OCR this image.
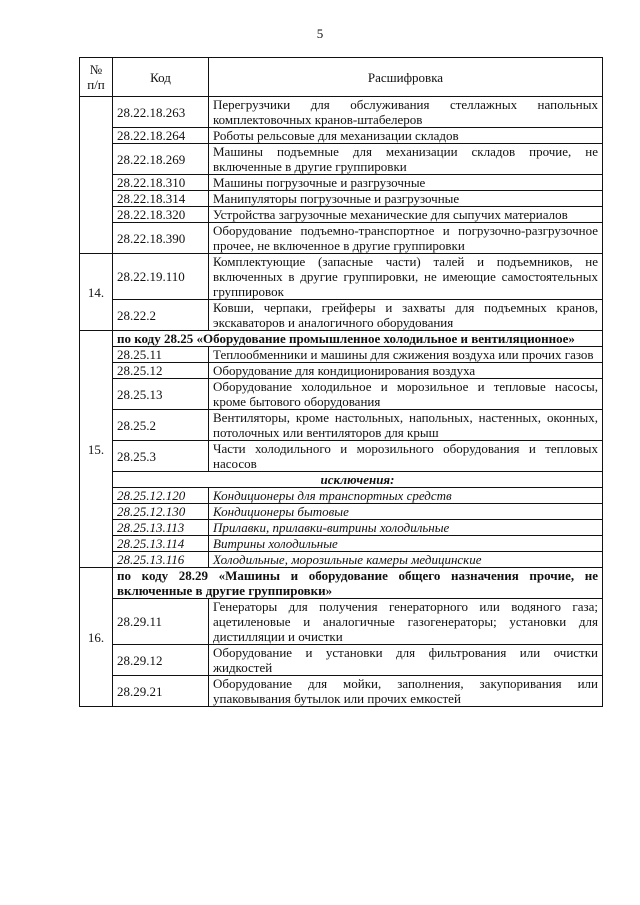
5
№ п/п	Код	Расшифровка
	28.22.18.263	Перегрузчики для обслуживания стеллажных напольных комплектовочных кранов-штабелеров
	28.22.18.264	Роботы рельсовые для механизации складов
	28.22.18.269	Машины подъемные для механизации складов прочие, не включенные в другие группировки
	28.22.18.310	Машины погрузочные и разгрузочные
	28.22.18.314	Манипуляторы погрузочные и разгрузочные
	28.22.18.320	Устройства загрузочные механические для сыпучих материалов
	28.22.18.390	Оборудование подъемно-транспортное и погрузочно-разгрузочное прочее, не включенное в другие группировки
14.	28.22.19.110	Комплектующие (запасные части) талей и подъемников, не включенных в другие группировки, не имеющие самостоятельных группировок
	28.22.2	Ковши, черпаки, грейферы и захваты для подъемных кранов, экскаваторов и аналогичного оборудования
15.	по коду 28.25 «Оборудование промышленное холодильное и вентиляционное»	
	28.25.11	Теплообменники и машины для сжижения воздуха или прочих газов
	28.25.12	Оборудование для кондиционирования воздуха
	28.25.13	Оборудование холодильное и морозильное и тепловые насосы, кроме бытового оборудования
	28.25.2	Вентиляторы, кроме настольных, напольных, настенных, оконных, потолочных или вентиляторов для крыш
	28.25.3	Части холодильного и морозильного оборудования и тепловых насосов
	исключения:	
	28.25.12.120	Кондиционеры для транспортных средств
	28.25.12.130	Кондиционеры бытовые
	28.25.13.113	Прилавки, прилавки-витрины холодильные
	28.25.13.114	Витрины холодильные
	28.25.13.116	Холодильные, морозильные камеры медицинские
16.	по коду 28.29 «Машины и оборудование общего назначения прочие, не включенные в другие группировки»	
	28.29.11	Генераторы для получения генераторного или водяного газа; ацетиленовые и аналогичные газогенераторы; установки для дистилляции и очистки
	28.29.12	Оборудование и установки для фильтрования или очистки жидкостей
	28.29.21	Оборудование для мойки, заполнения, закупоривания или упаковывания бутылок или прочих емкостей
